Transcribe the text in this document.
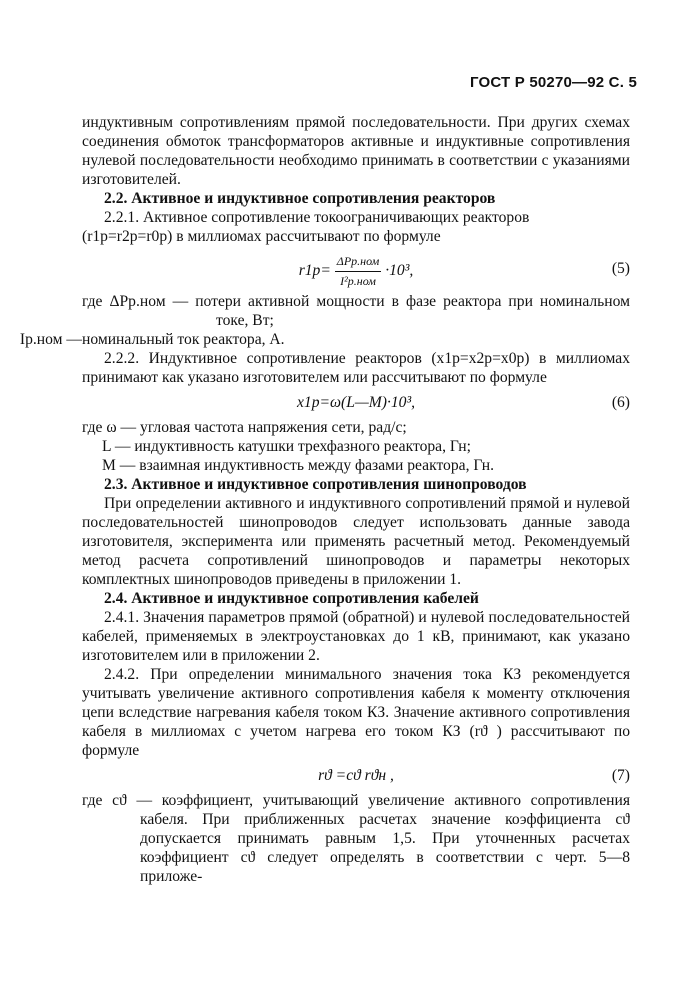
ГОСТ Р 50270—92 С. 5

индуктивным сопротивлениям прямой последовательности. При других схемах соединения обмоток трансформаторов активные и индуктивные сопротивления нулевой последовательности необходимо принимать в соответствии с указаниями изготовителей.

2.2. Активное и индуктивное сопротивления реакторов

2.2.1. Активное сопротивление токоограничивающих реакторов

(r1р=r2р=r0р) в миллиомах рассчитывают по формуле

$r1р= \frac{\text{ΔPр.ном}}{\text{I²р.ном}} \cdot 10^3$,	(5)

где ΔPр.ном — потери активной мощности в фазе реактора при номинальном токе, Вт;

Iр.ном —номинальный ток реактора, А.

2.2.2. Индуктивное сопротивление реакторов (x1р=x2р=x0р) в миллиомах принимают как указано изготовителем или рассчитывают по формуле

x1р=ω(L—M)·10³,	(6)

где ω — угловая частота напряжения сети, рад/с;

L — индуктивность катушки трехфазного реактора, Гн;

M — взаимная индуктивность между фазами реактора, Гн.

2.3. Активное и индуктивное сопротивления шинопроводов

При определении активного и индуктивного сопротивлений прямой и нулевой последовательностей шинопроводов следует использовать данные завода изготовителя, эксперимента или применять расчетный метод. Рекомендуемый метод расчета сопротивлений шинопроводов и параметры некоторых комплектных шинопроводов приведены в приложении 1.

2.4. Активное и индуктивное сопротивления кабелей

2.4.1. Значения параметров прямой (обратной) и нулевой последовательностей кабелей, применяемых в электроустановках до 1 кВ, принимают, как указано изготовителем или в приложении 2.

2.4.2. При определении минимального значения тока КЗ рекомендуется учитывать увеличение активного сопротивления кабеля к моменту отключения цепи вследствие нагревания кабеля током КЗ. Значение активного сопротивления кабеля в миллиомах с учетом нагрева его током КЗ (rϑ ) рассчитывают по формуле

rϑ =cϑ rϑн ,	(7)

где cϑ — коэффициент, учитывающий увеличение активного сопротивления кабеля. При приближенных расчетах значение коэффициента cϑ допускается принимать равным 1,5. При уточненных расчетах коэффициент cϑ следует определять в соответствии с черт. 5—8 приложе-
